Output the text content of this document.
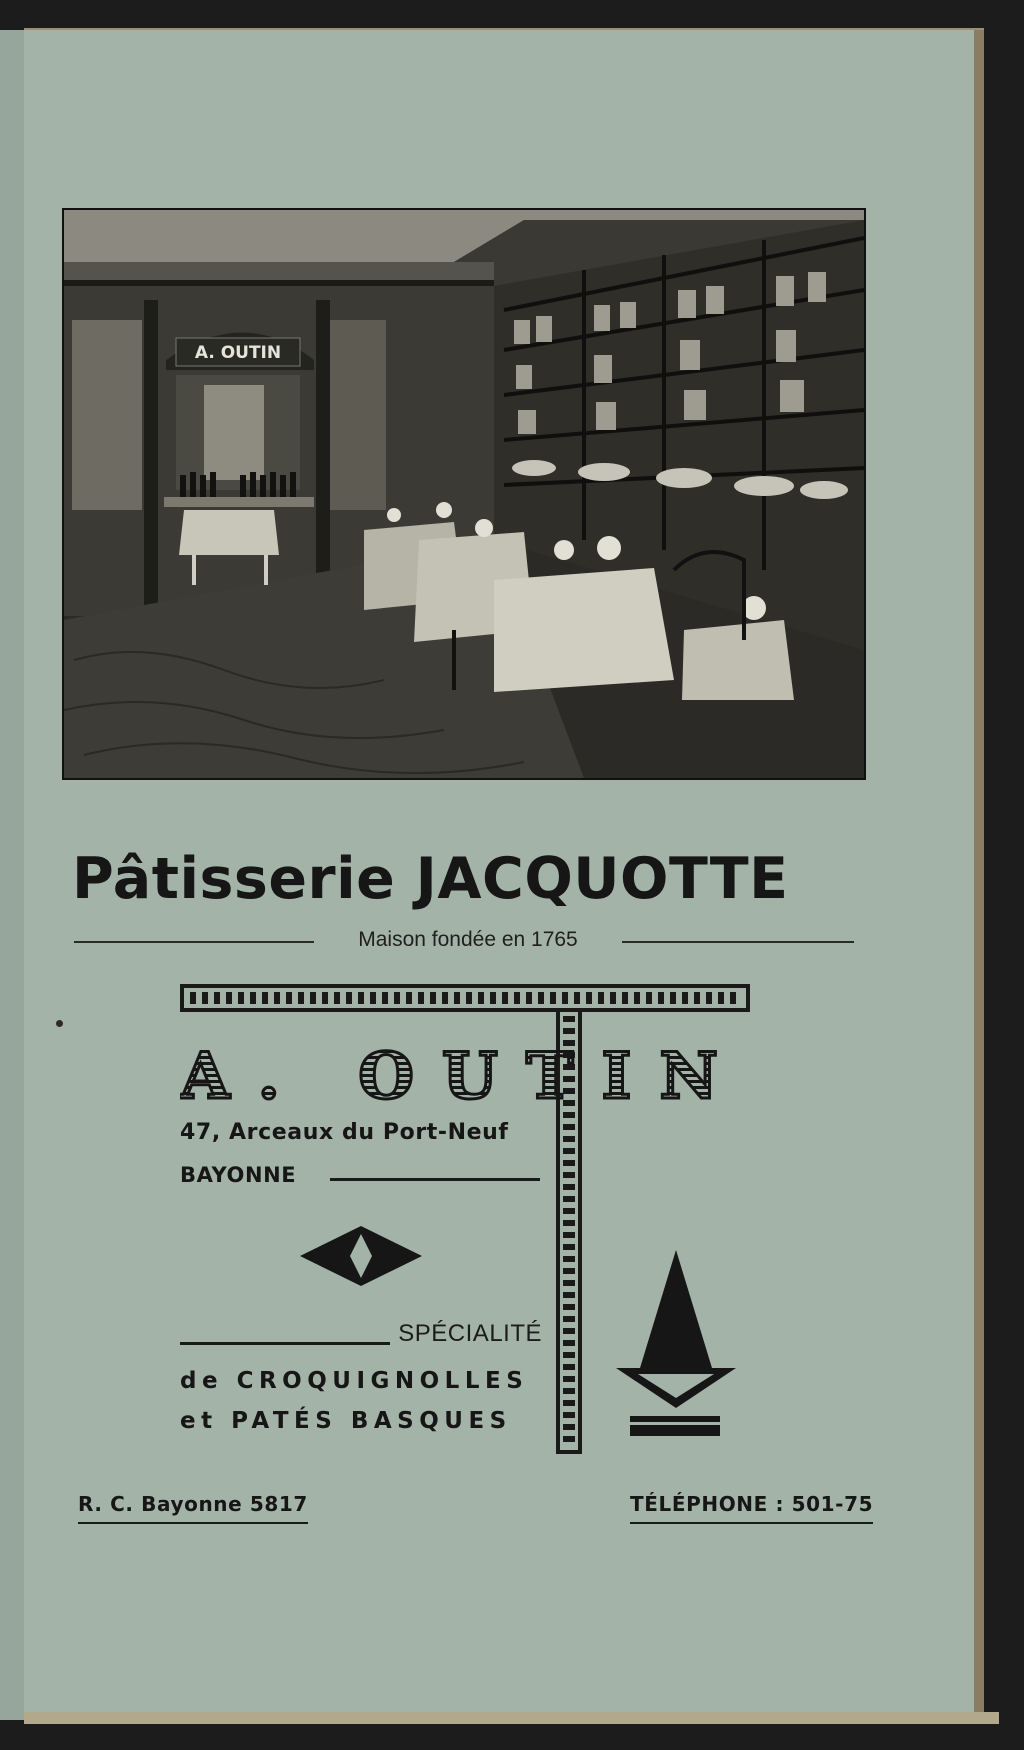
A. OUTIN
Pâtisserie JACQUOTTE
Maison fondée en 1765
A. OUTIN
47, Arceaux du Port-Neuf
BAYONNE
SPÉCIALITÉ
de CROQUIGNOLLES
et PATÉS BASQUES
R. C. Bayonne 5817	TÉLÉPHONE : 501-75
